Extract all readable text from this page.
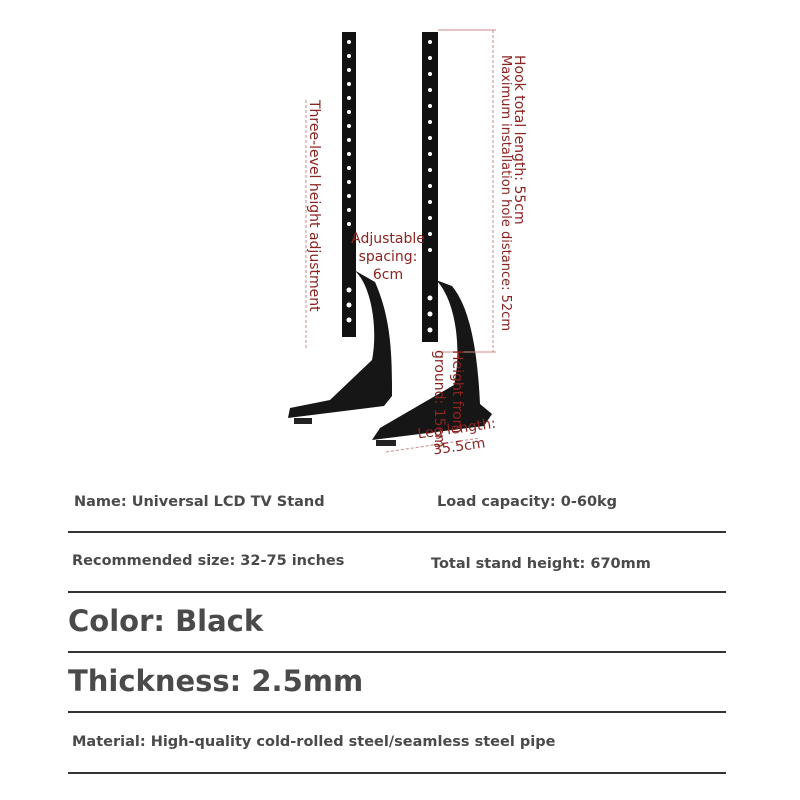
Three-level height adjustment	Adjustable spacing: 6cm
Hook total length: 55cm
Maximum installation hole distance: 52cm
Height from ground: 15cm
Leg length: 35.5cm
Name: Universal LCD TV Stand	Load capacity: 0-60kg
Recommended size: 32-75 inches	Total stand height: 670mm
Color: Black
Thickness: 2.5mm
Material: High-quality cold-rolled steel/seamless steel pipe
